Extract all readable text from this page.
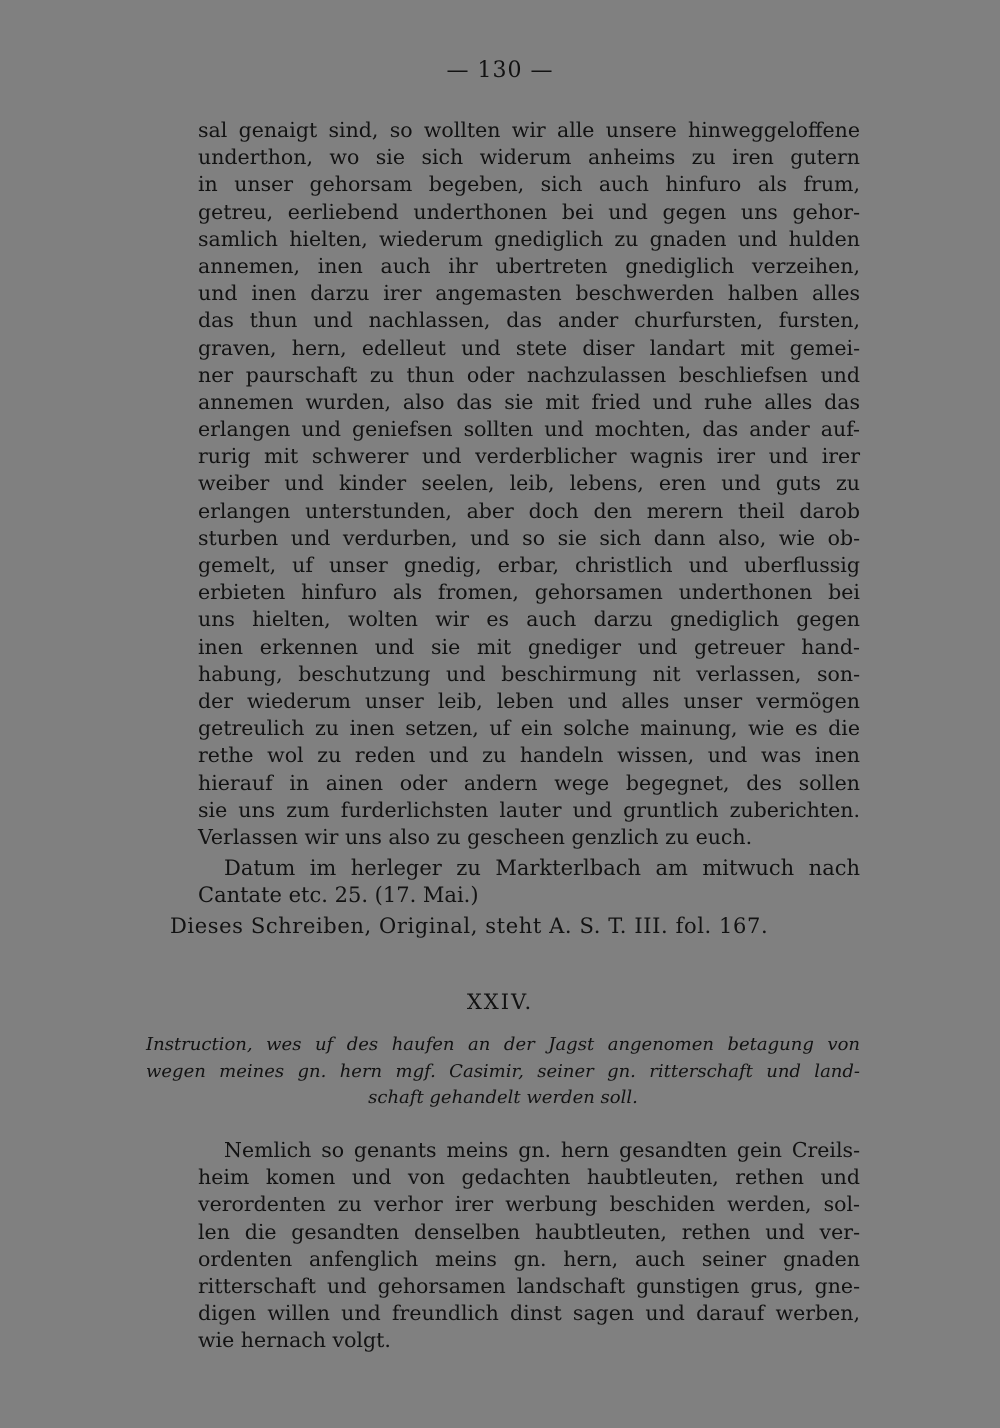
— 130 —
sal genaigt sind, so wollten wir alle unsere hinweggeloffene
underthon, wo sie sich widerum anheims zu iren gutern
in unser gehorsam begeben, sich auch hinfuro als frum,
getreu, eerliebend underthonen bei und gegen uns gehor-
samlich hielten, wiederum gnediglich zu gnaden und hulden
annemen, inen auch ihr ubertreten gnediglich verzeihen,
und inen darzu irer angemasten beschwerden halben alles
das thun und nachlassen, das ander churfursten, fursten,
graven, hern, edelleut und stete diser landart mit gemei-
ner paurschaft zu thun oder nachzulassen beschliefsen und
annemen wurden, also das sie mit fried und ruhe alles das
erlangen und geniefsen sollten und mochten, das ander auf-
rurig mit schwerer und verderblicher wagnis irer und irer
weiber und kinder seelen, leib, lebens, eren und guts zu
erlangen unterstunden, aber doch den merern theil darob
sturben und verdurben, und so sie sich dann also, wie ob-
gemelt, uf unser gnedig, erbar, christlich und uberflussig
erbieten hinfuro als fromen, gehorsamen underthonen bei
uns hielten, wolten wir es auch darzu gnediglich gegen
inen erkennen und sie mit gnediger und getreuer hand-
habung, beschutzung und beschirmung nit verlassen, son-
der wiederum unser leib, leben und alles unser vermögen
getreulich zu inen setzen, uf ein solche mainung, wie es die
rethe wol zu reden und zu handeln wissen, und was inen
hierauf in ainen oder andern wege begegnet, des sollen
sie uns zum furderlichsten lauter und gruntlich zuberichten.
Verlassen wir uns also zu gescheen genzlich zu euch.
Datum im herleger zu Markterlbach am mitwuch nach
Cantate etc. 25. (17. Mai.)
Dieses Schreiben, Original, steht A. S. T. III. fol. 167.
XXIV.
Instruction, wes uf des haufen an der Jagst angenomen betagung von
wegen meines gn. hern mgf. Casimir, seiner gn. ritterschaft und land-
schaft gehandelt werden soll.
Nemlich so genants meins gn. hern gesandten gein Creils-
heim komen und von gedachten haubtleuten, rethen und
verordenten zu verhor irer werbung beschiden werden, sol-
len die gesandten denselben haubtleuten, rethen und ver-
ordenten anfenglich meins gn. hern, auch seiner gnaden
ritterschaft und gehorsamen landschaft gunstigen grus, gne-
digen willen und freundlich dinst sagen und darauf werben,
wie hernach volgt.
